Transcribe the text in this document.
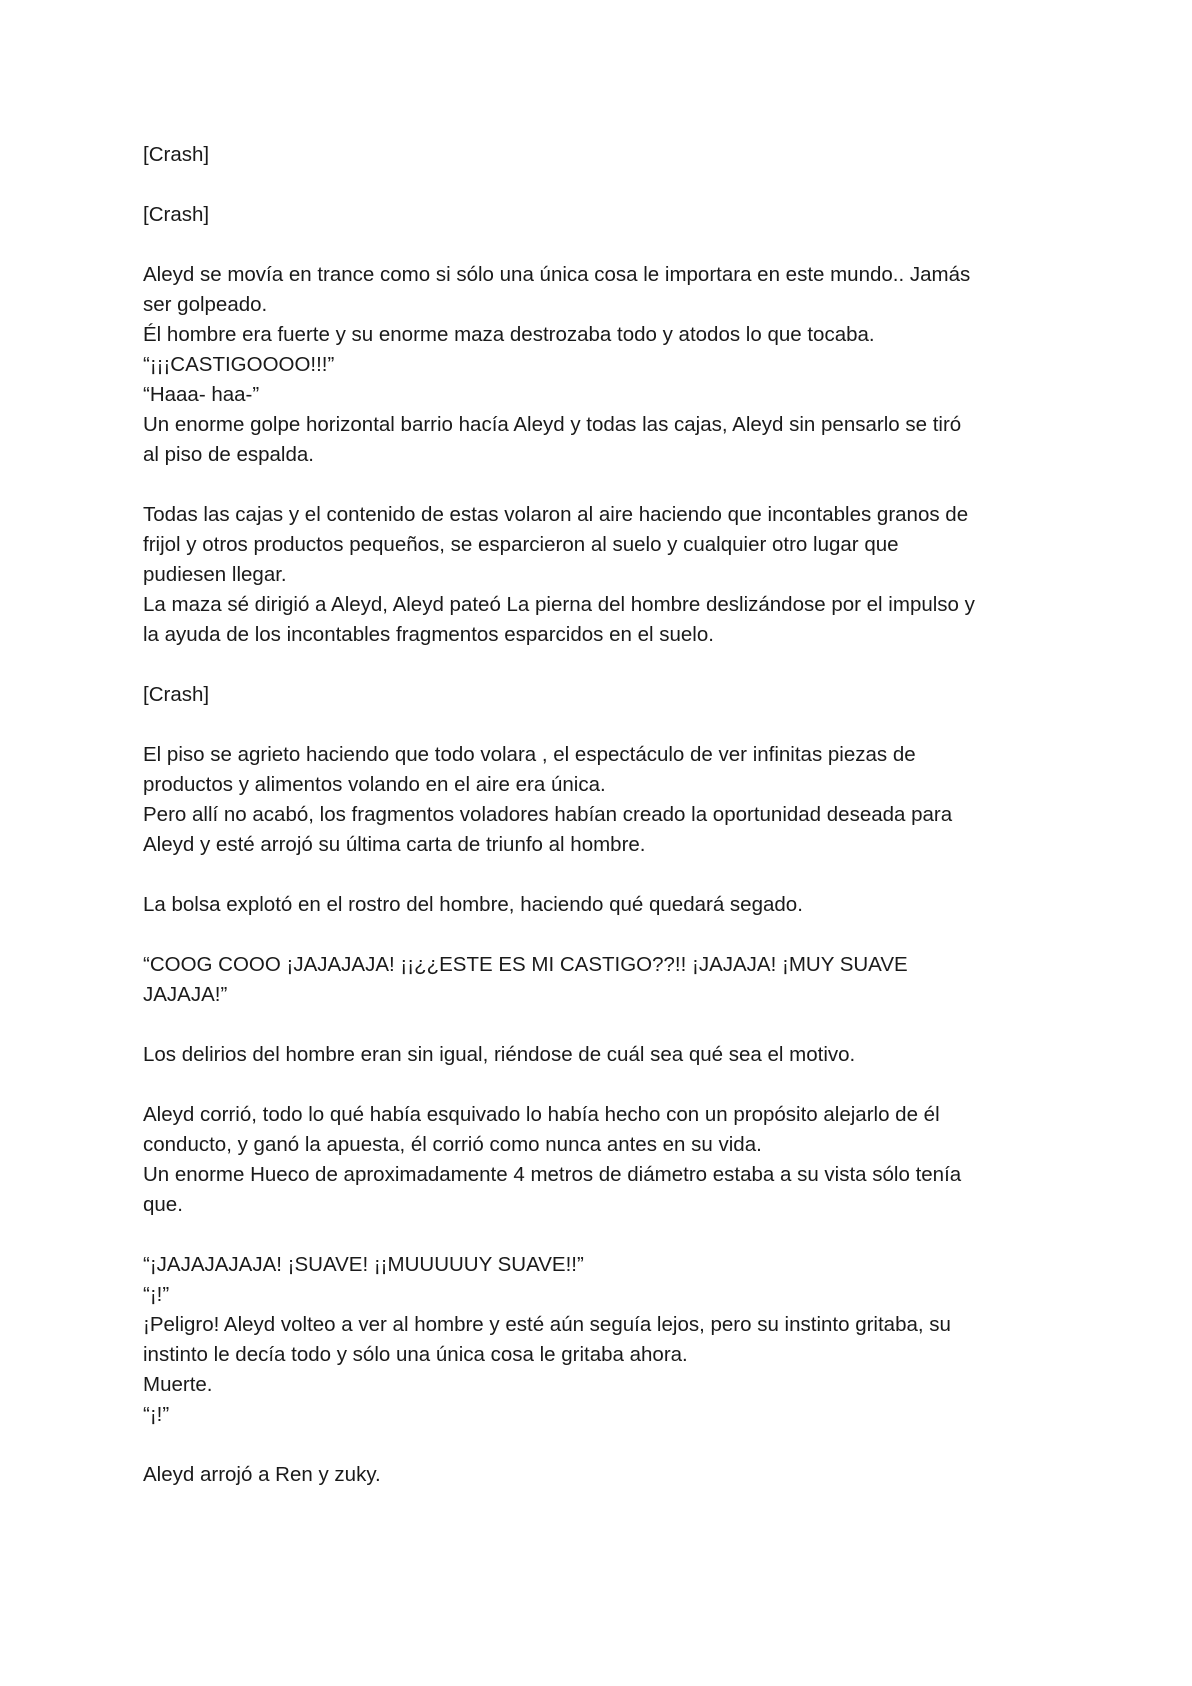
[Crash]
[Crash]
Aleyd se movía en trance como si sólo una única cosa le importara en este mundo.. Jamás
ser golpeado.
Él hombre era fuerte y su enorme maza destrozaba todo y atodos lo que tocaba.
“¡¡¡CASTIGOOOO!!!”
“Haaa- haa-”
Un enorme golpe horizontal barrio hacía Aleyd y todas las cajas, Aleyd sin pensarlo se tiró
al piso de espalda.
Todas las cajas y el contenido de estas volaron al aire haciendo que incontables granos de
frijol y otros productos pequeños, se esparcieron al suelo y cualquier otro lugar que
pudiesen llegar.
La maza sé dirigió a Aleyd, Aleyd pateó La pierna del hombre deslizándose por el impulso y
la ayuda de los incontables fragmentos esparcidos en el suelo.
[Crash]
El piso se agrieto haciendo que todo volara , el espectáculo de ver infinitas piezas de
productos y alimentos volando en el aire era única.
Pero allí no acabó, los fragmentos voladores habían creado la oportunidad deseada para
Aleyd y esté arrojó su última carta de triunfo al hombre.
La bolsa explotó en el rostro del hombre, haciendo qué quedará segado.
“COOG COOO ¡JAJAJAJA! ¡¡¿¿ESTE ES MI CASTIGO??!! ¡JAJAJA! ¡MUY SUAVE
JAJAJA!”
Los delirios del hombre eran sin igual, riéndose de cuál sea qué sea el motivo.
Aleyd corrió, todo lo qué había esquivado lo había hecho con un propósito alejarlo de él
conducto, y ganó la apuesta, él corrió como nunca antes en su vida.
Un enorme Hueco de aproximadamente 4 metros de diámetro estaba a su vista sólo tenía
que.
“¡JAJAJAJAJA! ¡SUAVE! ¡¡MUUUUUY SUAVE!!”
“¡!”
¡Peligro! Aleyd volteo a ver al hombre y esté aún seguía lejos, pero su instinto gritaba, su
instinto le decía todo y sólo una única cosa le gritaba ahora.
Muerte.
“¡!”
Aleyd arrojó a Ren y zuky.
